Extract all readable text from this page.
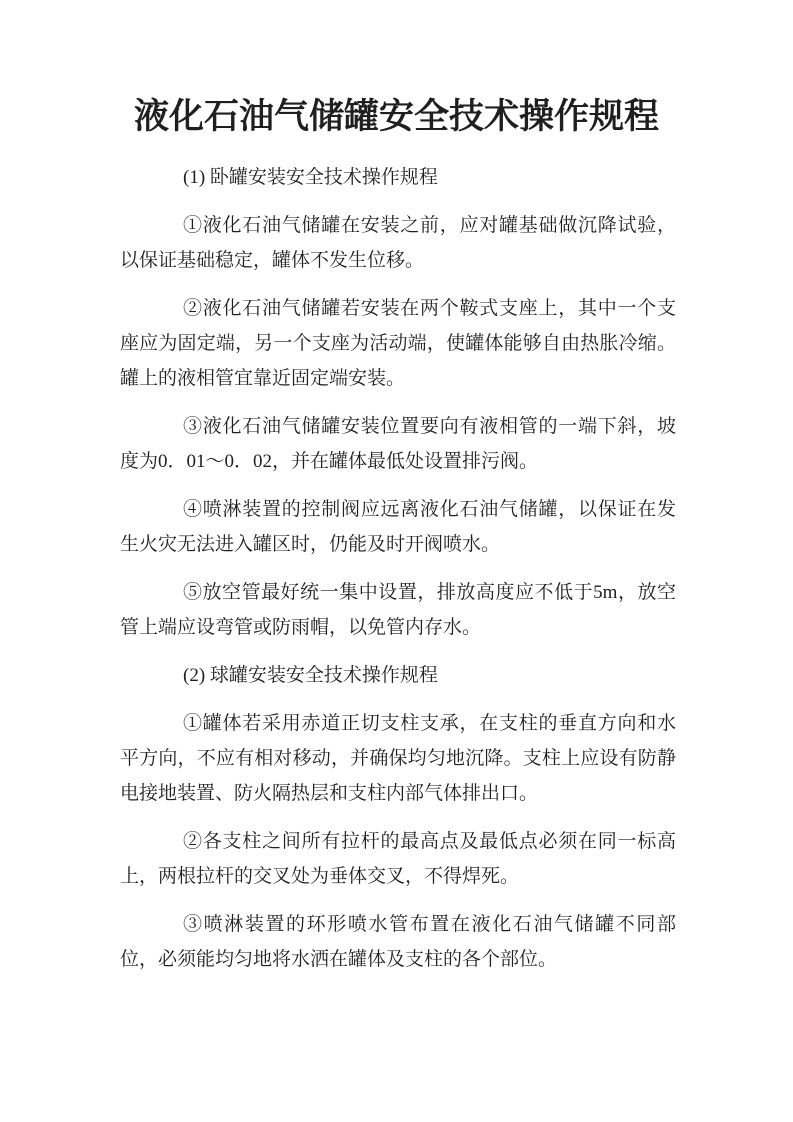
液化石油气储罐安全技术操作规程

(1) 卧罐安装安全技术操作规程

①液化石油气储罐在安装之前，应对罐基础做沉降试验，以保证基础稳定，罐体不发生位移。

②液化石油气储罐若安装在两个鞍式支座上，其中一个支座应为固定端，另一个支座为活动端，使罐体能够自由热胀冷缩。罐上的液相管宜靠近固定端安装。

③液化石油气储罐安装位置要向有液相管的一端下斜，坡度为0．01～0．02，并在罐体最低处设置排污阀。

④喷淋装置的控制阀应远离液化石油气储罐，以保证在发生火灾无法进入罐区时，仍能及时开阀喷水。

⑤放空管最好统一集中设置，排放高度应不低于5m，放空管上端应设弯管或防雨帽，以免管内存水。

(2) 球罐安装安全技术操作规程

①罐体若采用赤道正切支柱支承，在支柱的垂直方向和水平方向，不应有相对移动，并确保均匀地沉降。支柱上应设有防静电接地装置、防火隔热层和支柱内部气体排出口。

②各支柱之间所有拉杆的最高点及最低点必须在同一标高上，两根拉杆的交叉处为垂体交叉，不得焊死。

③喷淋装置的环形喷水管布置在液化石油气储罐不同部位，必须能均匀地将水洒在罐体及支柱的各个部位。
